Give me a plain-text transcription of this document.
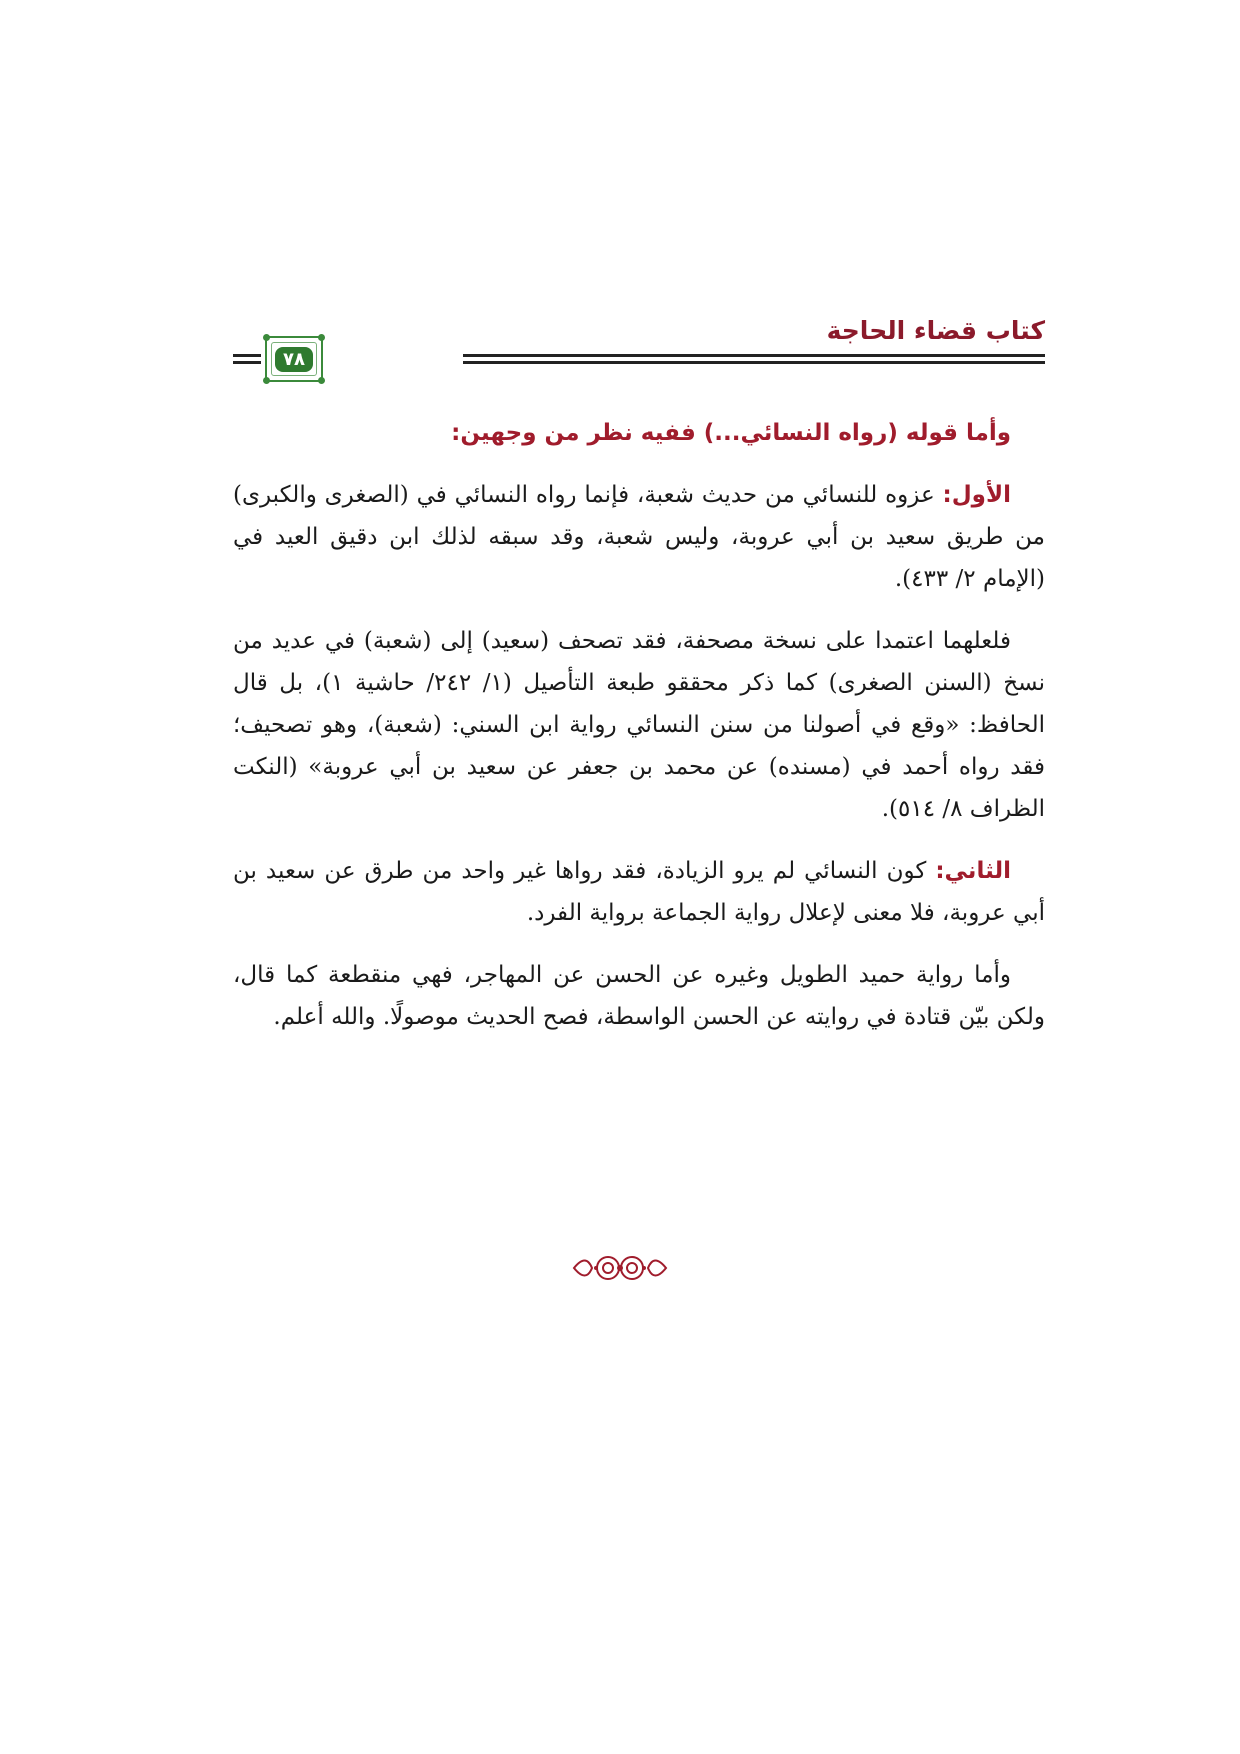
كتاب قضاء الحاجة
٧٨

وأما قوله (رواه النسائي...) ففيه نظر من وجهين:

الأول: عزوه للنسائي من حديث شعبة، فإنما رواه النسائي في (الصغرى والكبرى) من طريق سعيد بن أبي عروبة، وليس شعبة، وقد سبقه لذلك ابن دقيق العيد في (الإمام ٢/ ٤٣٣).

فلعلهما اعتمدا على نسخة مصحفة، فقد تصحف (سعيد) إلى (شعبة) في عديد من نسخ (السنن الصغرى) كما ذكر محققو طبعة التأصيل (١/ ٢٤٢/ حاشية ١)، بل قال الحافظ: «وقع في أصولنا من سنن النسائي رواية ابن السني: (شعبة)، وهو تصحيف؛ فقد رواه أحمد في (مسنده) عن محمد بن جعفر عن سعيد بن أبي عروبة» (النكت الظراف ٨/ ٥١٤).

الثاني: كون النسائي لم يرو الزيادة، فقد رواها غير واحد من طرق عن سعيد بن أبي عروبة، فلا معنى لإعلال رواية الجماعة برواية الفرد.

وأما رواية حميد الطويل وغيره عن الحسن عن المهاجر، فهي منقطعة كما قال، ولكن بيّن قتادة في روايته عن الحسن الواسطة، فصح الحديث موصولًا. والله أعلم.
